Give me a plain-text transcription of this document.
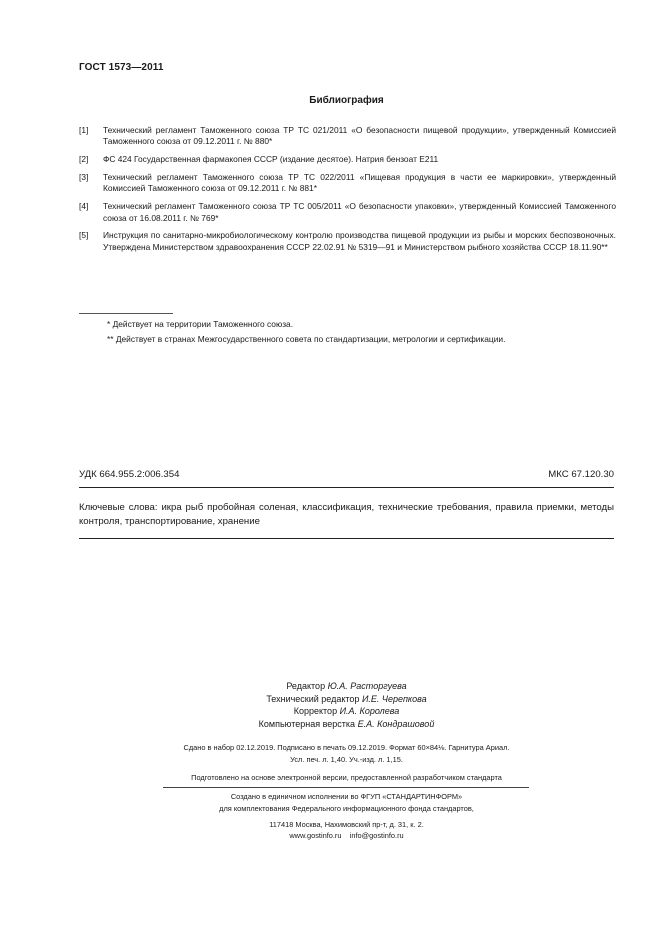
ГОСТ 1573—2011
Библиография
[1]	Технический регламент Таможенного союза ТР ТС 021/2011 «О безопасности пищевой продукции», утвержденный Комиссией Таможенного союза от 09.12.2011 г. № 880*
[2]	ФС 424 Государственная фармакопея СССР (издание десятое). Натрия бензоат E211
[3]	Технический регламент Таможенного союза ТР ТС 022/2011 «Пищевая продукция в части ее маркировки», утвержденный Комиссией Таможенного союза от 09.12.2011 г. № 881*
[4]	Технический регламент Таможенного союза ТР ТС 005/2011 «О безопасности упаковки», утвержденный Комиссией Таможенного союза от 16.08.2011 г. № 769*
[5]	Инструкция по санитарно-микробиологическому контролю производства пищевой продукции из рыбы и морских беспозвоночных. Утверждена Министерством здравоохранения СССР 22.02.91 № 5319—91 и Министерством рыбного хозяйства СССР 18.11.90**
* Действует на территории Таможенного союза.
** Действует в странах Межгосударственного совета по стандартизации, метрологии и сертификации.
УДК 664.955.2:006.354	МКС 67.120.30
Ключевые слова: икра рыб пробойная соленая, классификация, технические требования, правила приемки, методы контроля, транспортирование, хранение
Редактор Ю.А. Расторгуева
Технический редактор И.Е. Черепкова
Корректор И.А. Королева
Компьютерная верстка Е.А. Кондрашовой
Сдано в набор 02.12.2019. Подписано в печать 09.12.2019. Формат 60×84⅛. Гарнитура Ариал.
Усл. печ. л. 1,40. Уч.-изд. л. 1,15.
Подготовлено на основе электронной версии, предоставленной разработчиком стандарта
Создано в единичном исполнении во ФГУП «СТАНДАРТИНФОРМ»
для комплектования Федерального информационного фонда стандартов,
117418 Москва, Нахимовский пр-т, д. 31, к. 2.
www.gostinfo.ru info@gostinfo.ru
